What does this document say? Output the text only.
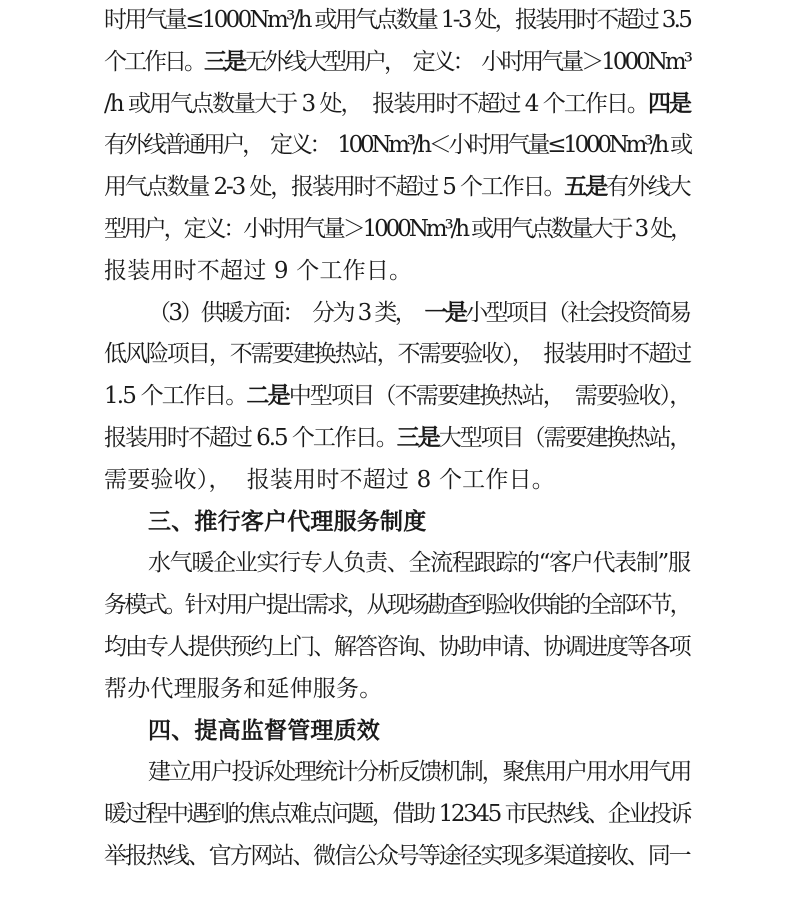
时用气量≤1000Nm³/h 或用气点数量 1-3 处，报装用时不超过 3.5
个工作日。三是无外线大型用户，  定义：  小时用气量＞1000Nm³
/h 或用气点数量大于 3 处，  报装用时不超过 4 个工作日。四是
有外线普通用户，  定义：  100Nm³/h＜小时用气量≤1000Nm³/h 或
用气点数量 2-3 处，报装用时不超过 5 个工作日。五是有外线大
型用户，定义：小时用气量＞1000Nm³/h 或用气点数量大于 3 处，
报装用时不超过 9 个工作日。
（3）供暖方面：  分为 3 类，  一是小型项目（社会投资简易
低风险项目，不需要建换热站，不需要验收），  报装用时不超过
1.5 个工作日。二是中型项目（不需要建换热站，  需要验收），
报装用时不超过 6.5 个工作日。三是大型项目（需要建换热站，
需要验收），  报装用时不超过 8 个工作日。
三、推行客户代理服务制度
水气暖企业实行专人负责、全流程跟踪的“客户代表制”服
务模式。针对用户提出需求，从现场勘查到验收供能的全部环节，
均由专人提供预约上门、解答咨询、协助申请、协调进度等各项
帮办代理服务和延伸服务。
四、提高监督管理质效
建立用户投诉处理统计分析反馈机制，聚焦用户用水用气用
暖过程中遇到的焦点难点问题，借助 12345 市民热线、企业投诉
举报热线、官方网站、微信公众号等途径实现多渠道接收、同一
